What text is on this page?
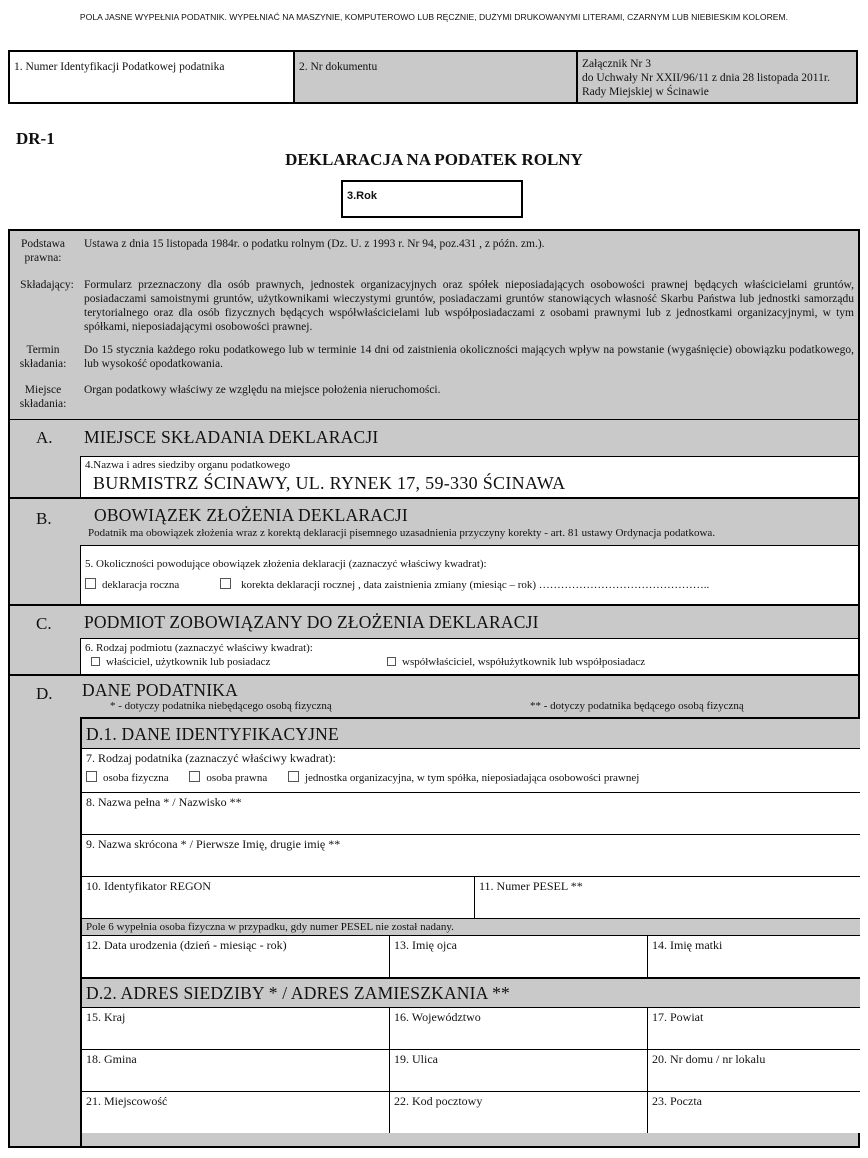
POLA JASNE WYPEŁNIA PODATNIK. WYPEŁNIAĆ NA MASZYNIE, KOMPUTEROWO LUB RĘCZNIE, DUŻYMI DRUKOWANYMI LITERAMI, CZARNYM LUB NIEBIESKIM KOLOREM.
1. Numer Identyfikacji Podatkowej podatnika	2. Nr dokumentu	Załącznik Nr 3
do Uchwały Nr XXII/96/11 z dnia 28 listopada 2011r.
Rady Miejskiej w Ścinawie
DR-1
DEKLARACJA NA PODATEK ROLNY
3.Rok
Podstawa
prawna:
Ustawa z dnia 15 listopada 1984r. o podatku rolnym (Dz. U. z 1993 r. Nr 94, poz.431 , z późn. zm.).
Składający: Formularz przeznaczony dla osób prawnych, jednostek organizacyjnych oraz spółek nieposiadających osobowości prawnej będących właścicielami gruntów, posiadaczami samoistnymi gruntów, użytkownikami wieczystymi gruntów, posiadaczami gruntów stanowiących własność Skarbu Państwa lub jednostki samorządu terytorialnego oraz dla osób fizycznych będących współwłaścicielami lub współposiadaczami z osobami prawnymi lub z jednostkami organizacyjnymi, w tym spółkami, nieposiadającymi osobowości prawnej.
Termin
składania:
Do 15 stycznia każdego roku podatkowego lub w terminie 14 dni od zaistnienia okoliczności mających wpływ na powstanie (wygaśnięcie) obowiązku podatkowego, lub wysokość opodatkowania.
Miejsce
składania:
Organ podatkowy właściwy ze względu na miejsce położenia nieruchomości.
A. MIEJSCE SKŁADANIA DEKLARACJI
4.Nazwa i adres siedziby organu podatkowego
BURMISTRZ ŚCINAWY, UL. RYNEK 17, 59-330 ŚCINAWA
B. OBOWIĄZEK ZŁOŻENIA DEKLARACJI
Podatnik ma obowiązek złożenia wraz z korektą deklaracji pisemnego uzasadnienia przyczyny korekty - art. 81 ustawy Ordynacja podatkowa.
5. Okoliczności powodujące obowiązek złożenia deklaracji (zaznaczyć właściwy kwadrat):
deklaracja roczna	korekta deklaracji rocznej , data zaistnienia zmiany (miesiąc – rok) ………………………………………..
C. PODMIOT ZOBOWIĄZANY DO ZŁOŻENIA DEKLARACJI
6. Rodzaj podmiotu (zaznaczyć właściwy kwadrat):
właściciel, użytkownik lub posiadacz	współwłaściciel, współużytkownik lub współposiadacz
D. DANE PODATNIKA
* - dotyczy podatnika niebędącego osobą fizyczną	** - dotyczy podatnika będącego osobą fizyczną
D.1. DANE IDENTYFIKACYJNE
7. Rodzaj podatnika (zaznaczyć właściwy kwadrat):
osoba fizyczna	osoba prawna	jednostka organizacyjna, w tym spółka, nieposiadająca osobowości prawnej
8. Nazwa pełna * / Nazwisko **
9. Nazwa skrócona * / Pierwsze Imię, drugie imię **
10. Identyfikator REGON	11. Numer PESEL **
Pole 6 wypełnia osoba fizyczna w przypadku, gdy numer PESEL nie został nadany.
12. Data urodzenia (dzień - miesiąc - rok)	13. Imię ojca	14. Imię matki
D.2. ADRES SIEDZIBY * / ADRES ZAMIESZKANIA **
15. Kraj	16. Województwo	17. Powiat
18. Gmina	19. Ulica	20. Nr domu / nr lokalu
21. Miejscowość	22. Kod pocztowy	23. Poczta
